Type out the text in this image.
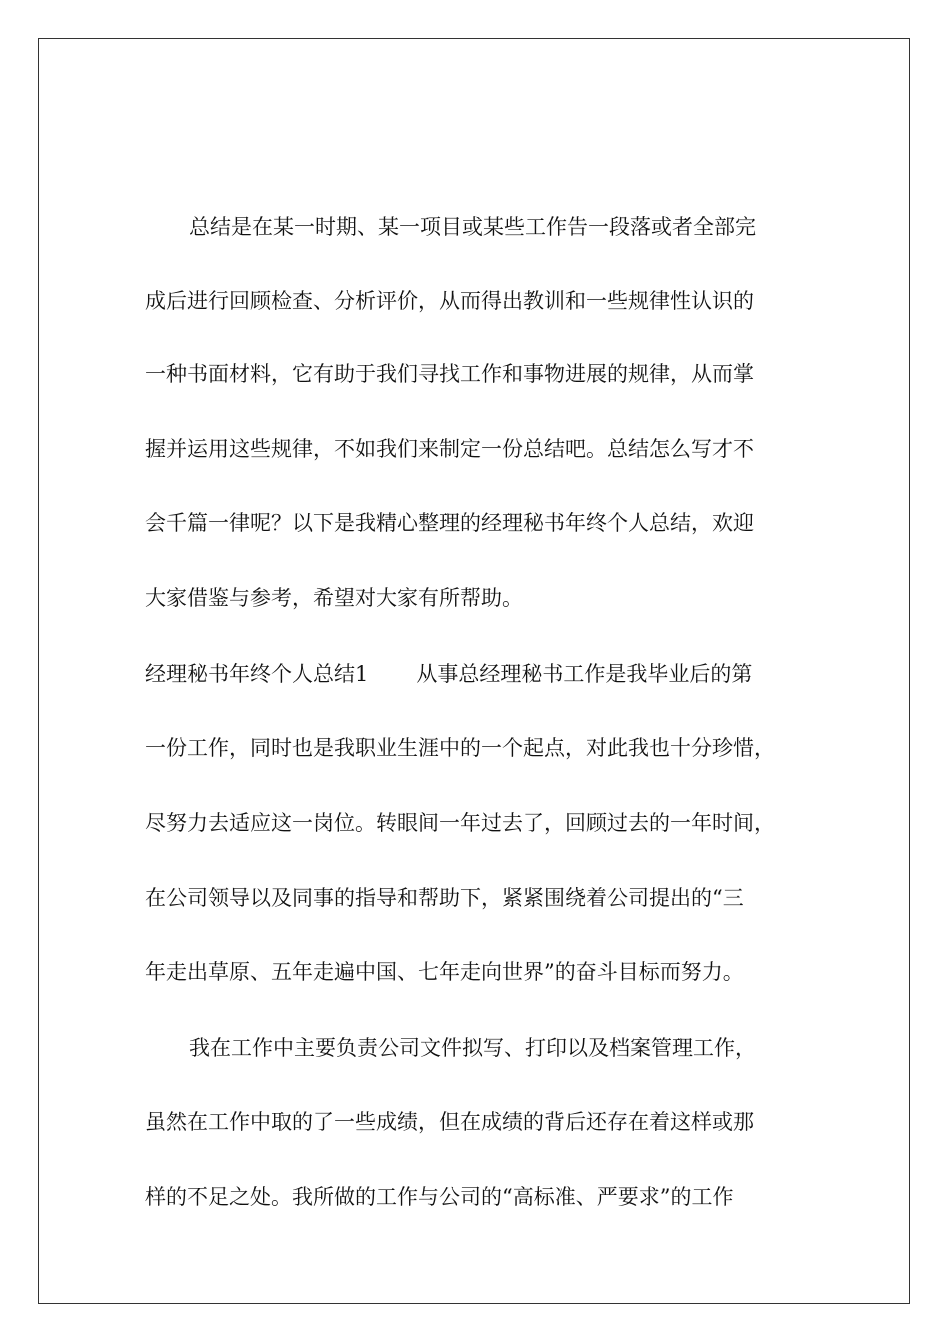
总结是在某一时期、某一项目或某些工作告一段落或者全部完
成后进行回顾检查、分析评价，从而得出教训和一些规律性认识的
一种书面材料，它有助于我们寻找工作和事物进展的规律，从而掌
握并运用这些规律，不如我们来制定一份总结吧。总结怎么写才不
会千篇一律呢？以下是我精心整理的经理秘书年终个人总结，欢迎
大家借鉴与参考，希望对大家有所帮助。
经理秘书年终个人总结1 从事总经理秘书工作是我毕业后的第
一份工作，同时也是我职业生涯中的一个起点，对此我也十分珍惜，
尽努力去适应这一岗位。转眼间一年过去了，回顾过去的一年时间，
在公司领导以及同事的指导和帮助下，紧紧围绕着公司提出的“三
年走出草原、五年走遍中国、七年走向世界”的奋斗目标而努力。
我在工作中主要负责公司文件拟写、打印以及档案管理工作，
虽然在工作中取的了一些成绩，但在成绩的背后还存在着这样或那
样的不足之处。我所做的工作与公司的“高标准、严要求”的工作
